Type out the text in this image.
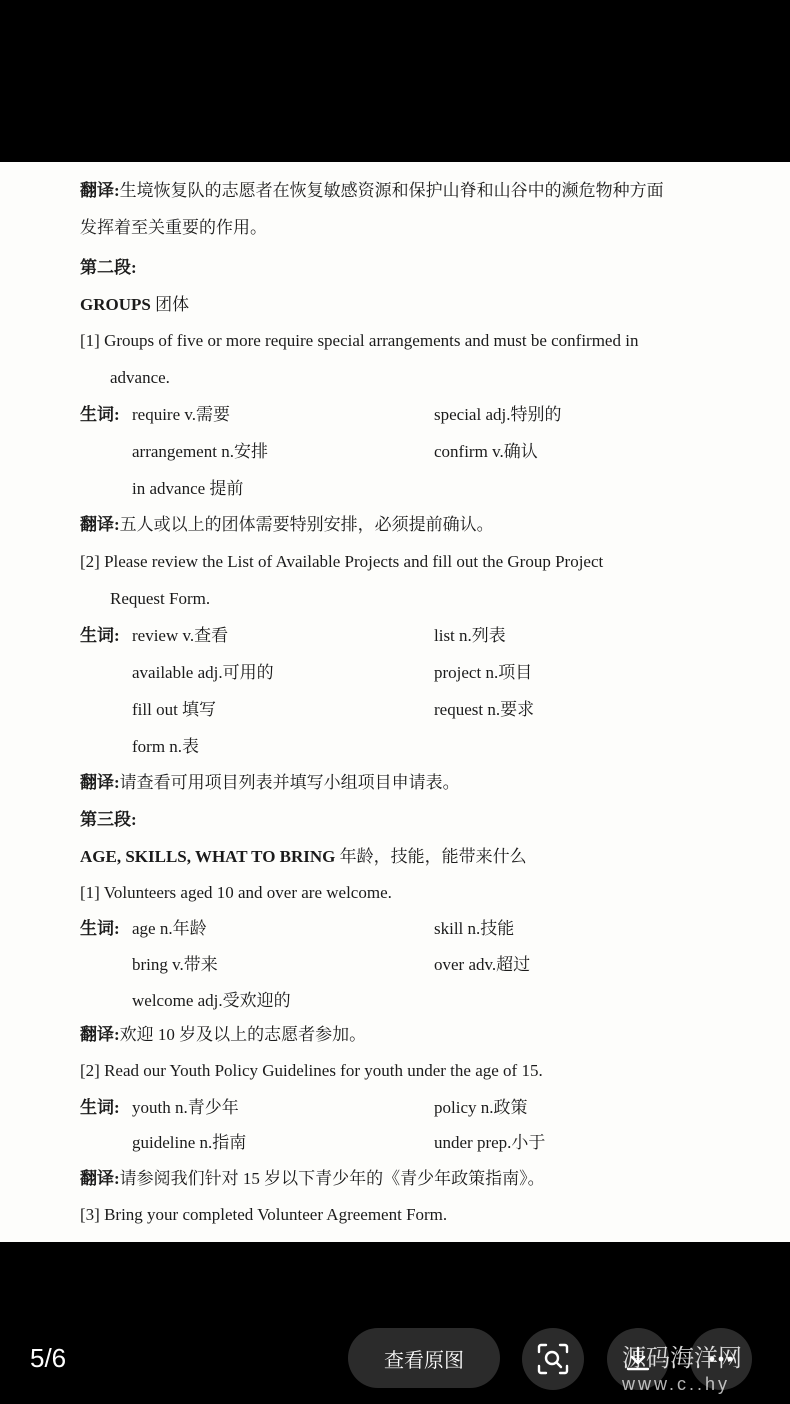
翻译:生境恢复队的志愿者在恢复敏感资源和保护山脊和山谷中的濒危物种方面
发挥着至关重要的作用。
第二段:
GROUPS 团体
[1] Groups of five or more require special arrangements and must be confirmed in
advance.
生词: require v.需要	special adj.特别的
arrangement n.安排	confirm v.确认
in advance 提前
翻译:五人或以上的团体需要特别安排，必须提前确认。
[2] Please review the List of Available Projects and fill out the Group Project
Request Form.
生词: review v.查看	list n.列表
available adj.可用的	project n.项目
fill out 填写	request n.要求
form n.表
翻译:请查看可用项目列表并填写小组项目申请表。
第三段:
AGE, SKILLS, WHAT TO BRING 年龄，技能，能带来什么
[1] Volunteers aged 10 and over are welcome.
生词: age n.年龄	skill n.技能
bring v.带来	over adv.超过
welcome adj.受欢迎的
翻译:欢迎 10 岁及以上的志愿者参加。
[2] Read our Youth Policy Guidelines for youth under the age of 15.
生词: youth n.青少年	policy n.政策
guideline n.指南	under prep.小于
翻译:请参阅我们针对 15 岁以下青少年的《青少年政策指南》。
[3] Bring your completed Volunteer Agreement Form.
5/6	查看原图	源码海洋网
www.c..hy
